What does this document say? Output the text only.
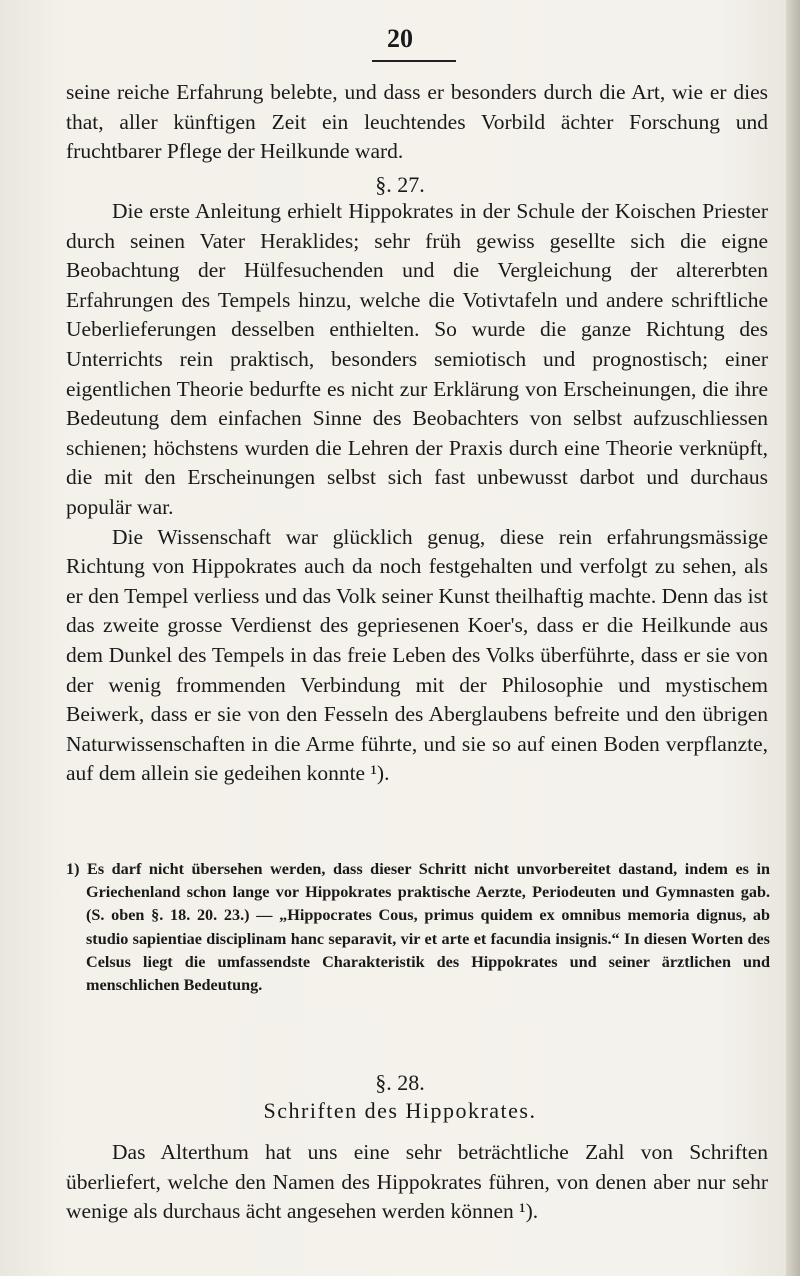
20

seine reiche Erfahrung belebte, und dass er besonders durch die Art, wie er dies that, aller künftigen Zeit ein leuchtendes Vorbild ächter Forschung und fruchtbarer Pflege der Heilkunde ward.

§. 27.

Die erste Anleitung erhielt Hippokrates in der Schule der Koischen Priester durch seinen Vater Heraklides; sehr früh gewiss gesellte sich die eigne Beobachtung der Hülfesuchenden und die Vergleichung der altererbten Erfahrungen des Tempels hinzu, welche die Votivtafeln und andere schriftliche Ueberlieferungen desselben enthielten. So wurde die ganze Richtung des Unterrichts rein praktisch, besonders semiotisch und prognostisch; einer eigentlichen Theorie bedurfte es nicht zur Erklärung von Erscheinungen, die ihre Bedeutung dem einfachen Sinne des Beobachters von selbst aufzuschliessen schienen; höchstens wurden die Lehren der Praxis durch eine Theorie verknüpft, die mit den Erscheinungen selbst sich fast unbewusst darbot und durchaus populär war.

Die Wissenschaft war glücklich genug, diese rein erfahrungsmässige Richtung von Hippokrates auch da noch festgehalten und verfolgt zu sehen, als er den Tempel verliess und das Volk seiner Kunst theilhaftig machte. Denn das ist das zweite grosse Verdienst des gepriesenen Koer's, dass er die Heilkunde aus dem Dunkel des Tempels in das freie Leben des Volks überführte, dass er sie von der wenig frommenden Verbindung mit der Philosophie und mystischem Beiwerk, dass er sie von den Fesseln des Aberglaubens befreite und den übrigen Naturwissenschaften in die Arme führte, und sie so auf einen Boden verpflanzte, auf dem allein sie gedeihen konnte ¹).

1) Es darf nicht übersehen werden, dass dieser Schritt nicht unvorbereitet dastand, indem es in Griechenland schon lange vor Hippokrates praktische Aerzte, Periodeuten und Gymnasten gab. (S. oben §. 18. 20. 23.) — „Hippocrates Cous, primus quidem ex omnibus memoria dignus, ab studio sapientiae disciplinam hanc separavit, vir et arte et facundia insignis.“ In diesen Worten des Celsus liegt die umfassendste Charakteristik des Hippokrates und seiner ärztlichen und menschlichen Bedeutung.

§. 28.
Schriften des Hippokrates.

Das Alterthum hat uns eine sehr beträchtliche Zahl von Schriften überliefert, welche den Namen des Hippokrates führen, von denen aber nur sehr wenige als durchaus ächt angesehen werden können ¹).
